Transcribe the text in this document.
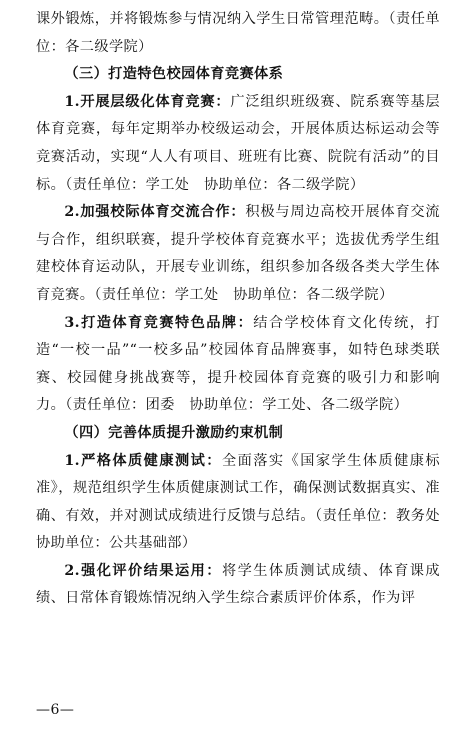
课外锻炼，并将锻炼参与情况纳入学生日常管理范畴。（责任单位：各二级学院）

（三）打造特色校园体育竞赛体系

1.开展层级化体育竞赛：广泛组织班级赛、院系赛等基层体育竞赛，每年定期举办校级运动会，开展体质达标运动会等竞赛活动，实现“人人有项目、班班有比赛、院院有活动”的目标。（责任单位：学工处　协助单位：各二级学院）

2.加强校际体育交流合作：积极与周边高校开展体育交流与合作，组织联赛，提升学校体育竞赛水平；选拔优秀学生组建校体育运动队，开展专业训练，组织参加各级各类大学生体育竞赛。（责任单位：学工处　协助单位：各二级学院）

3.打造体育竞赛特色品牌：结合学校体育文化传统，打造“一校一品”“一校多品”校园体育品牌赛事，如特色球类联赛、校园健身挑战赛等，提升校园体育竞赛的吸引力和影响力。（责任单位：团委　协助单位：学工处、各二级学院）

（四）完善体质提升激励约束机制

1.严格体质健康测试：全面落实《国家学生体质健康标准》，规范组织学生体质健康测试工作，确保测试数据真实、准确、有效，并对测试成绩进行反馈与总结。（责任单位：教务处　协助单位：公共基础部）

2.强化评价结果运用：将学生体质测试成绩、体育课成绩、日常体育锻炼情况纳入学生综合素质评价体系，作为评

—6—
